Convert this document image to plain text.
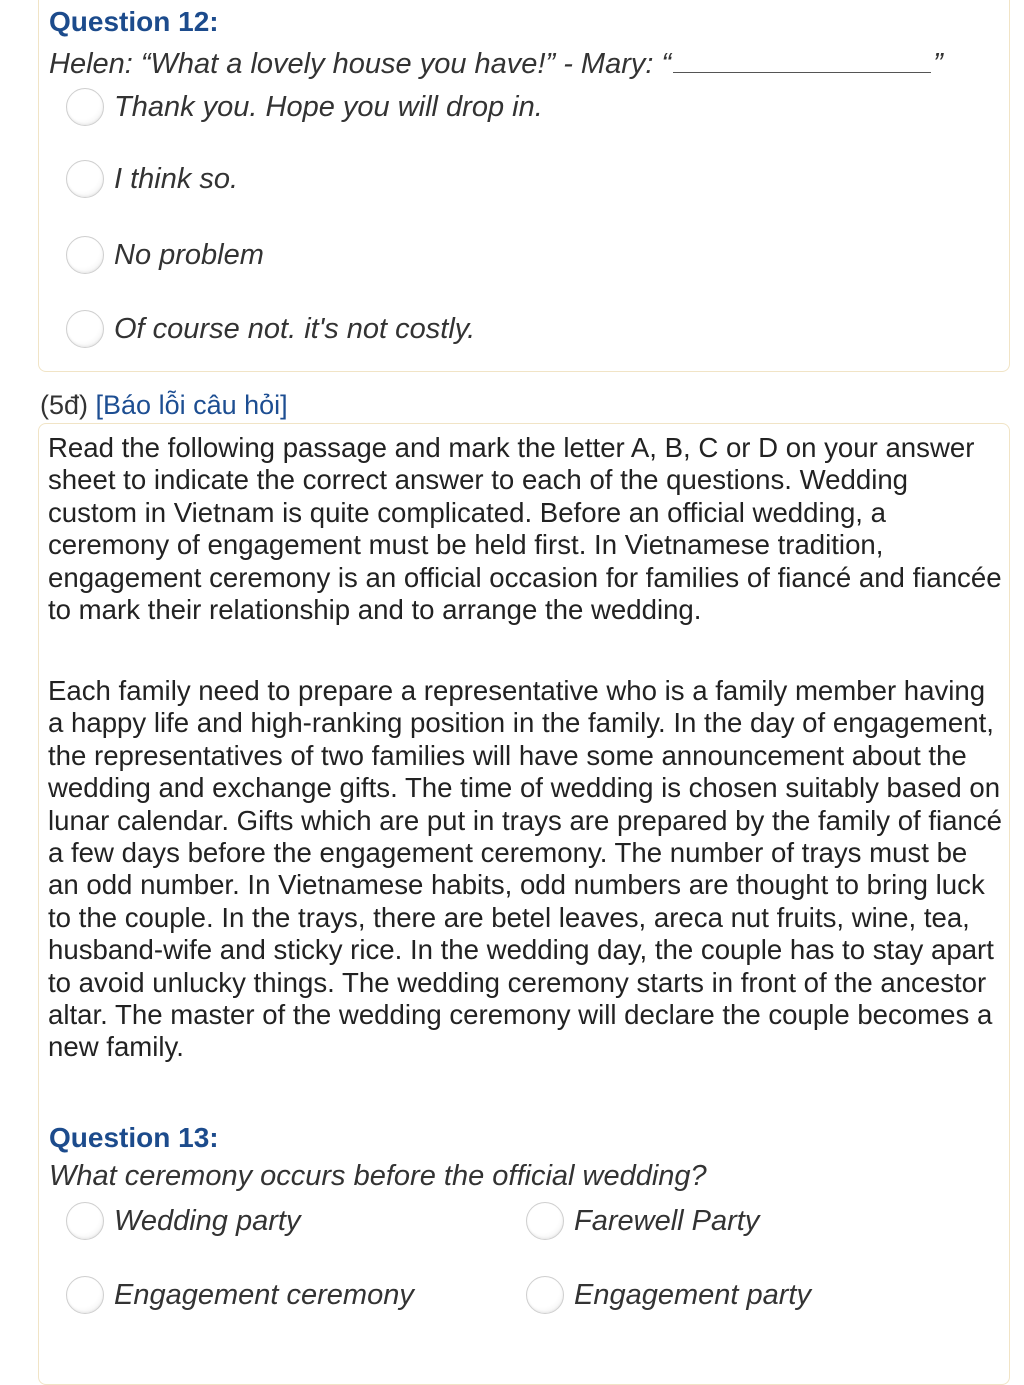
Question 12:
Helen: “What a lovely house you have!” - Mary: “	”
Thank you. Hope you will drop in.
I think so.
No problem
Of course not. it's not costly.
(5đ) [Báo lỗi câu hỏi]

Read the following passage and mark the letter A, B, C or D on your answer sheet to indicate the correct answer to each of the questions. Wedding custom in Vietnam is quite complicated. Before an official wedding, a ceremony of engagement must be held first. In Vietnamese tradition, engagement ceremony is an official occasion for families of fiancé and fiancée to mark their relationship and to arrange the wedding.

Each family need to prepare a representative who is a family member having a happy life and high-ranking position in the family. In the day of engagement, the representatives of two families will have some announcement about the wedding and exchange gifts. The time of wedding is chosen suitably based on lunar calendar. Gifts which are put in trays are prepared by the family of fiancé a few days before the engagement ceremony. The number of trays must be an odd number. In Vietnamese habits, odd numbers are thought to bring luck to the couple. In the trays, there are betel leaves, areca nut fruits, wine, tea, husband-wife and sticky rice. In the wedding day, the couple has to stay apart to avoid unlucky things. The wedding ceremony starts in front of the ancestor altar. The master of the wedding ceremony will declare the couple becomes a new family.

Question 13:
What ceremony occurs before the official wedding?
Wedding party	Farewell Party
Engagement ceremony	Engagement party
